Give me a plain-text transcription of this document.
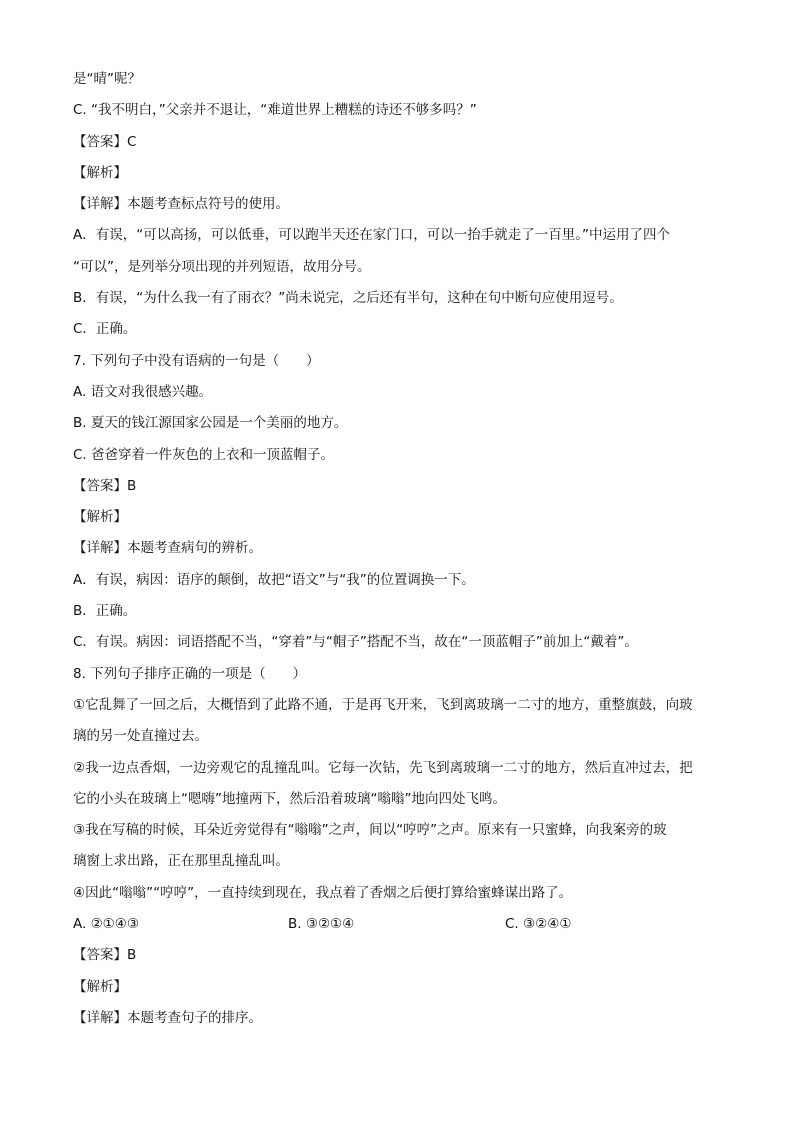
是“晴”呢？
C. “我不明白，”父亲并不退让，“难道世界上糟糕的诗还不够多吗？”
【答案】C
【解析】
【详解】本题考查标点符号的使用。
A．有误，“可以高扬，可以低垂，可以跑半天还在家门口，可以一抬手就走了一百里。”中运用了四个
“可以”，是列举分项出现的并列短语，故用分号。
B．有误，“为什么我一有了雨衣？”尚未说完，之后还有半句，这种在句中断句应使用逗号。
C．正确。
7. 下列句子中没有语病的一句是（　　）
A. 语文对我很感兴趣。
B. 夏天的钱江源国家公园是一个美丽的地方。
C. 爸爸穿着一件灰色的上衣和一顶蓝帽子。
【答案】B
【解析】
【详解】本题考查病句的辨析。
A．有误，病因：语序的颠倒，故把“语文”与“我”的位置调换一下。
B．正确。
C．有误。病因：词语搭配不当，“穿着”与“帽子”搭配不当，故在“一顶蓝帽子”前加上“戴着”。
8. 下列句子排序正确的一项是（　　）
①它乱舞了一回之后，大概悟到了此路不通，于是再飞开来，飞到离玻璃一二寸的地方，重整旗鼓，向玻
璃的另一处直撞过去。
②我一边点香烟，一边旁观它的乱撞乱叫。它每一次钻，先飞到离玻璃一二寸的地方，然后直冲过去，把
它的小头在玻璃上“嗯嗨”地撞两下，然后沿着玻璃“嗡嗡”地向四处飞鸣。
③我在写稿的时候，耳朵近旁觉得有“嗡嗡”之声，间以“哼哼”之声。原来有一只蜜蜂，向我案旁的玻
璃窗上求出路，正在那里乱撞乱叫。
④因此“嗡嗡”“哼哼”，一直持续到现在，我点着了香烟之后便打算给蜜蜂谋出路了。
A. ②①④③	B. ③②①④	C. ③②④①
【答案】B
【解析】
【详解】本题考查句子的排序。
